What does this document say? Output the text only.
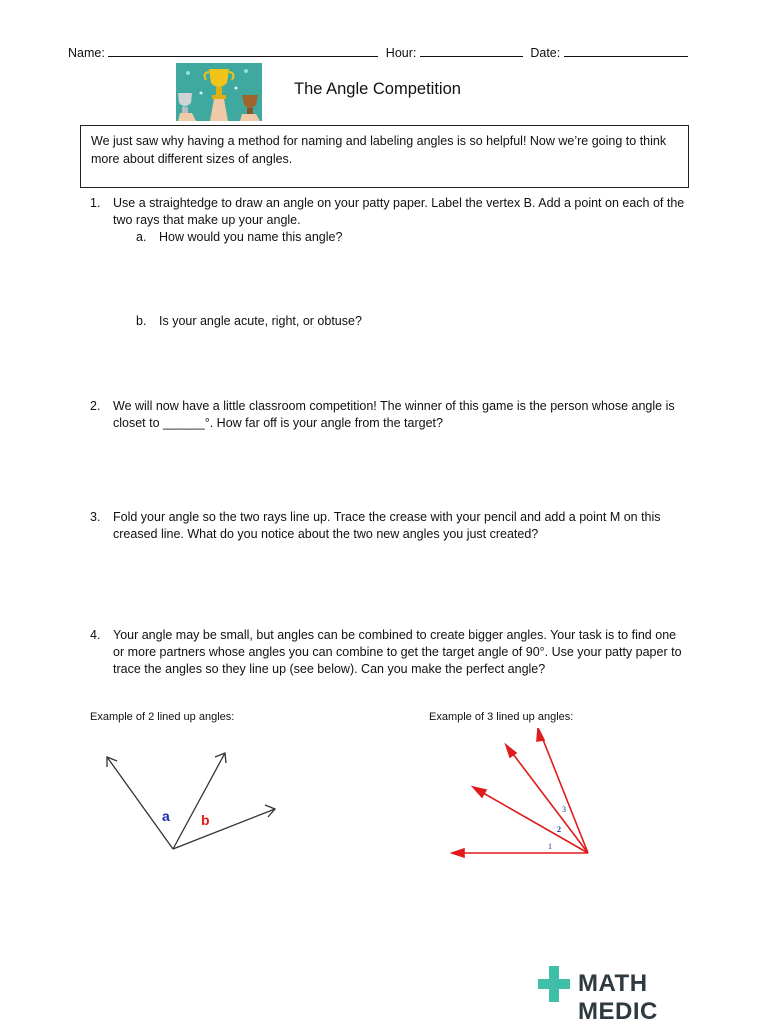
Name:	Hour:	Date:
The Angle Competition
We just saw why having a method for naming and labeling angles is so helpful! Now we’re going to think more about different sizes of angles.
1. Use a straightedge to draw an angle on your patty paper. Label the vertex B. Add a point on each of the two rays that make up your angle.
a. How would you name this angle?
b. Is your angle acute, right, or obtuse?
2. We will now have a little classroom competition! The winner of this game is the person whose angle is closet to ______°. How far off is your angle from the target?
3. Fold your angle so the two rays line up. Trace the crease with your pencil and add a point M on this creased line. What do you notice about the two new angles you just created?
4. Your angle may be small, but angles can be combined to create bigger angles. Your task is to find one or more partners whose angles you can combine to get the target angle of 90°. Use your patty paper to trace the angles so they line up (see below). Can you make the perfect angle?
Example of 2 lined up angles:	Example of 3 lined up angles:
a b
1
2
3
MATH MEDIC
